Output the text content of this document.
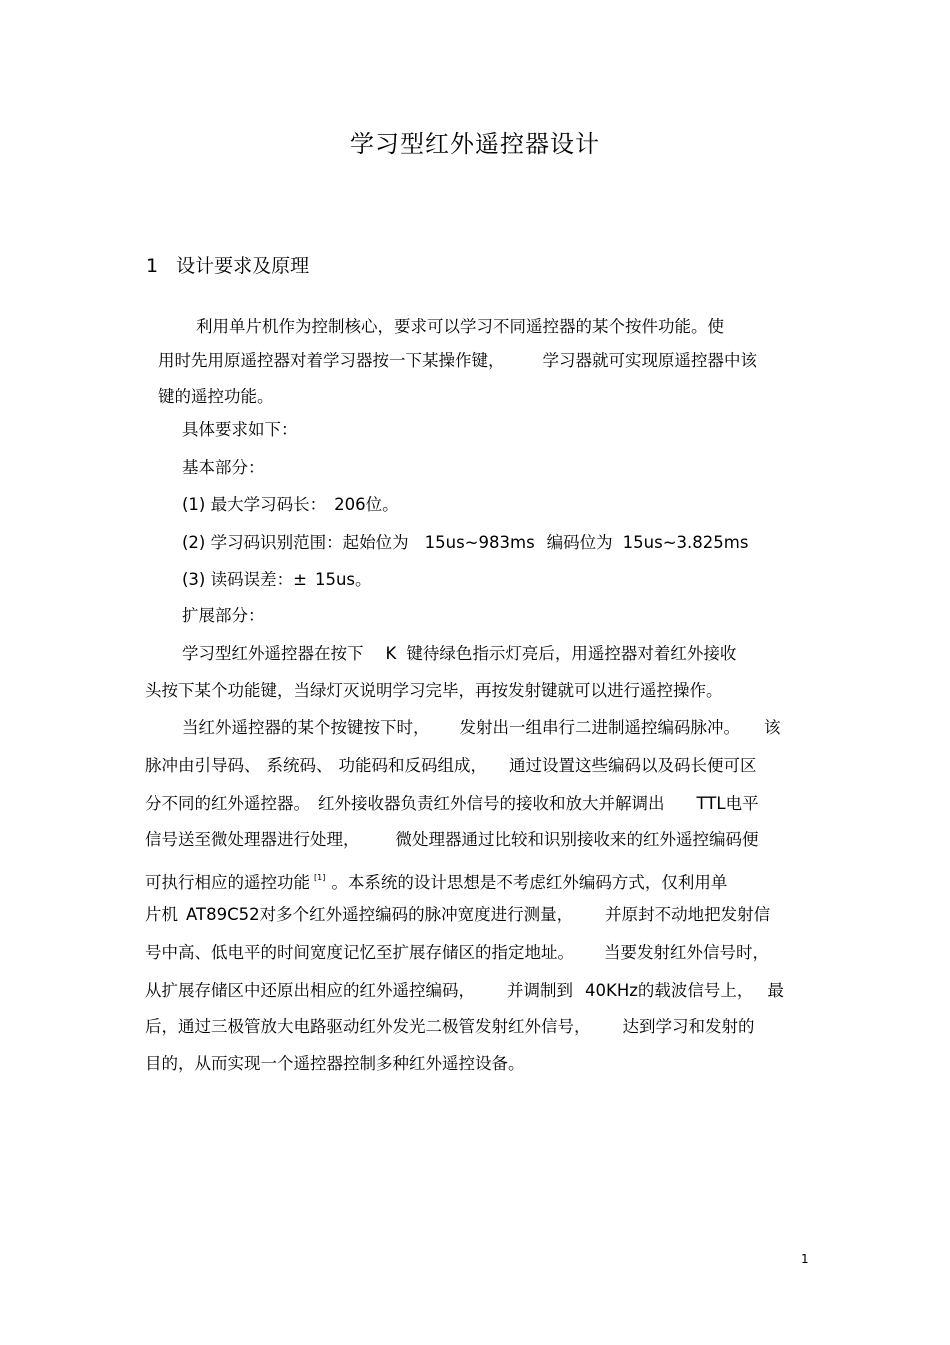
学习型红外遥控器设计
1 设计要求及原理
利用单片机作为控制核心，要求可以学习不同遥控器的某个按件功能。使
用时先用原遥控器对着学习器按一下某操作键， 学习器就可实现原遥控器中该
键的遥控功能。
具体要求如下：
基本部分：
(1) 最大学习码长： 206位。
(2) 学习码识别范围：起始位为 15us~983ms 编码位为 15us~3.825ms
(3) 读码误差：± 15us。
扩展部分：
学习型红外遥控器在按下 K 键待绿色指示灯亮后，用遥控器对着红外接收
头按下某个功能键，当绿灯灭说明学习完毕，再按发射键就可以进行遥控操作。
当红外遥控器的某个按键按下时， 发射出一组串行二进制遥控编码脉冲。 该
脉冲由引导码、 系统码、 功能码和反码组成， 通过设置这些编码以及码长便可区
分不同的红外遥控器。 红外接收器负责红外信号的接收和放大并解调出 TTL电平
信号送至微处理器进行处理， 微处理器通过比较和识别接收来的红外遥控编码便
可执行相应的遥控功能 [1] 。本系统的设计思想是不考虑红外编码方式，仅利用单
片机 AT89C52对多个红外遥控编码的脉冲宽度进行测量， 并原封不动地把发射信
号中高、低电平的时间宽度记忆至扩展存储区的指定地址。 当要发射红外信号时，
从扩展存储区中还原出相应的红外遥控编码， 并调制到 40KHz的载波信号上， 最
后，通过三极管放大电路驱动红外发光二极管发射红外信号， 达到学习和发射的
目的，从而实现一个遥控器控制多种红外遥控设备。
1
